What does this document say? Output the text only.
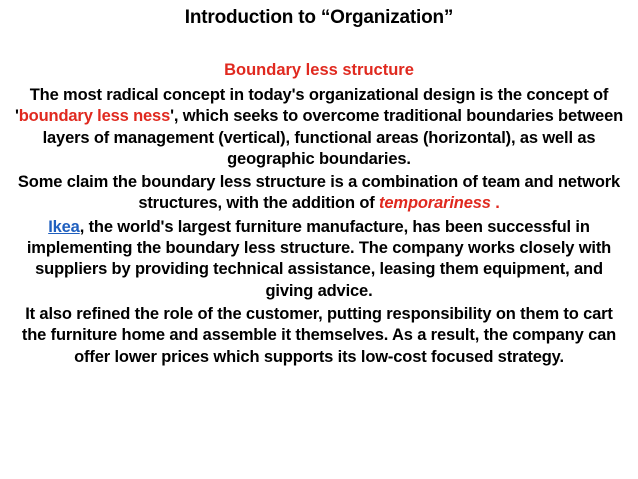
Introduction to “Organization”
Boundary less structure

The most radical concept in today's organizational design is the concept of 'boundary less ness', which seeks to overcome traditional boundaries between layers of management (vertical), functional areas (horizontal), as well as geographic boundaries.

Some claim the boundary less structure is a combination of team and network structures, with the addition of temporariness .

Ikea, the world's largest furniture manufacture, has been successful in implementing the boundary less structure. The company works closely with suppliers by providing technical assistance, leasing them equipment, and giving advice.

It also refined the role of the customer, putting responsibility on them to cart the furniture home and assemble it themselves. As a result, the company can offer lower prices which supports its low-cost focused strategy.
